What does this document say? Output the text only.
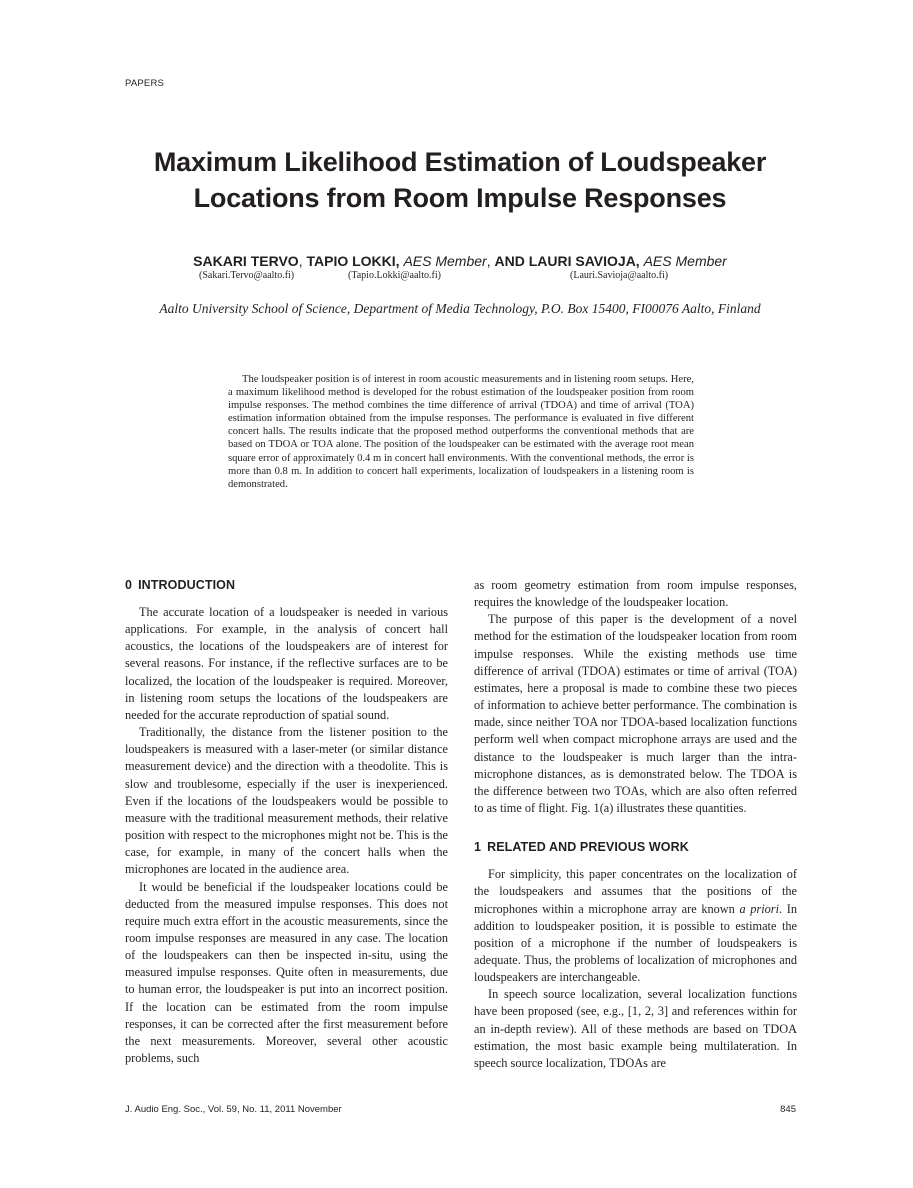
PAPERS
Maximum Likelihood Estimation of Loudspeaker
Locations from Room Impulse Responses
SAKARI TERVO, TAPIO LOKKI, AES Member, AND LAURI SAVIOJA, AES Member
(Sakari.Tervo@aalto.fi)	(Tapio.Lokki@aalto.fi)	(Lauri.Savioja@aalto.fi)
Aalto University School of Science, Department of Media Technology, P.O. Box 15400, FI00076 Aalto, Finland

The loudspeaker position is of interest in room acoustic measurements and in listening room setups. Here, a maximum likelihood method is developed for the robust estimation of the loudspeaker position from room impulse responses. The method combines the time difference of arrival (TDOA) and time of arrival (TOA) estimation information obtained from the impulse responses. The performance is evaluated in five different concert halls. The results indicate that the proposed method outperforms the conventional methods that are based on TDOA or TOA alone. The position of the loudspeaker can be estimated with the average root mean square error of approximately 0.4 m in concert hall environments. With the conventional methods, the error is more than 0.8 m. In addition to concert hall experiments, localization of loudspeakers in a listening room is demonstrated.

0 INTRODUCTION

The accurate location of a loudspeaker is needed in various applications. For example, in the analysis of concert hall acoustics, the locations of the loudspeakers are of interest for several reasons. For instance, if the reflective surfaces are to be localized, the location of the loudspeaker is required. Moreover, in listening room setups the locations of the loudspeakers are needed for the accurate reproduction of spatial sound.

Traditionally, the distance from the listener position to the loudspeakers is measured with a laser-meter (or similar distance measurement device) and the direction with a theodolite. This is slow and troublesome, especially if the user is inexperienced. Even if the locations of the loudspeakers would be possible to measure with the traditional measurement methods, their relative position with respect to the microphones might not be. This is the case, for example, in many of the concert halls when the microphones are located in the audience area.

It would be beneficial if the loudspeaker locations could be deducted from the measured impulse responses. This does not require much extra effort in the acoustic measurements, since the room impulse responses are measured in any case. The location of the loudspeakers can then be inspected in-situ, using the measured impulse responses. Quite often in measurements, due to human error, the loudspeaker is put into an incorrect position. If the location can be estimated from the room impulse responses, it can be corrected after the first measurement before the next measurements. Moreover, several other acoustic problems, such

as room geometry estimation from room impulse responses, requires the knowledge of the loudspeaker location.

The purpose of this paper is the development of a novel method for the estimation of the loudspeaker location from room impulse responses. While the existing methods use time difference of arrival (TDOA) estimates or time of arrival (TOA) estimates, here a proposal is made to combine these two pieces of information to achieve better performance. The combination is made, since neither TOA nor TDOA-based localization functions perform well when compact microphone arrays are used and the distance to the loudspeaker is much larger than the intra-microphone distances, as is demonstrated below. The TDOA is the difference between two TOAs, which are also often referred to as time of flight. Fig. 1(a) illustrates these quantities.

1 RELATED AND PREVIOUS WORK

For simplicity, this paper concentrates on the localization of the loudspeakers and assumes that the positions of the microphones within a microphone array are known a priori. In addition to loudspeaker position, it is possible to estimate the position of a microphone if the number of loudspeakers is adequate. Thus, the problems of localization of microphones and loudspeakers are interchangeable.

In speech source localization, several localization functions have been proposed (see, e.g., [1, 2, 3] and references within for an in-depth review). All of these methods are based on TDOA estimation, the most basic example being multilateration. In speech source localization, TDOAs are

J. Audio Eng. Soc., Vol. 59, No. 11, 2011 November	845
